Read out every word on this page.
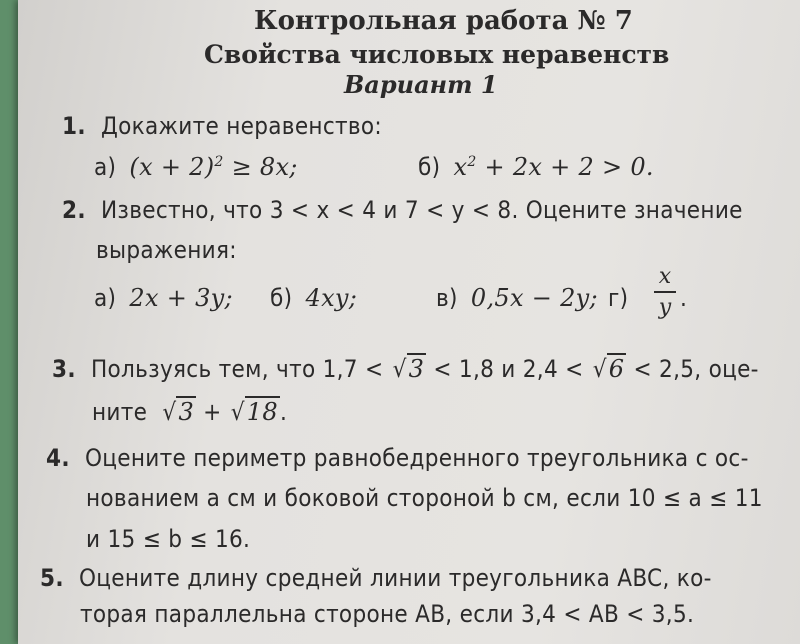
Контрольная работа № 7
Свойства числовых неравенств
Вариант 1
1. Докажите неравенство:
а) $(x + 2)^2 \ge 8x$;	б) $x^2 + 2x + 2 > 0$.
2. Известно, что 3 < x < 4 и 7 < y < 8. Оцените значение
выражения:
а) 2x + 3y; б) 4xy;	в) 0,5x − 2y; г)
x
y .
3. Пользуясь тем, что 1,7 < √3 < 1,8 и 2,4 < √6 < 2,5, оце-
ните √3 + √18.
4. Оцените периметр равнобедренного треугольника с ос-
нованием a см и боковой стороной b см, если 10 ≤ a ≤ 11
и 15 ≤ b ≤ 16.
5. Оцените длину средней линии треугольника ABC, ко-
торая параллельна стороне AB, если 3,4 < AB < 3,5.
